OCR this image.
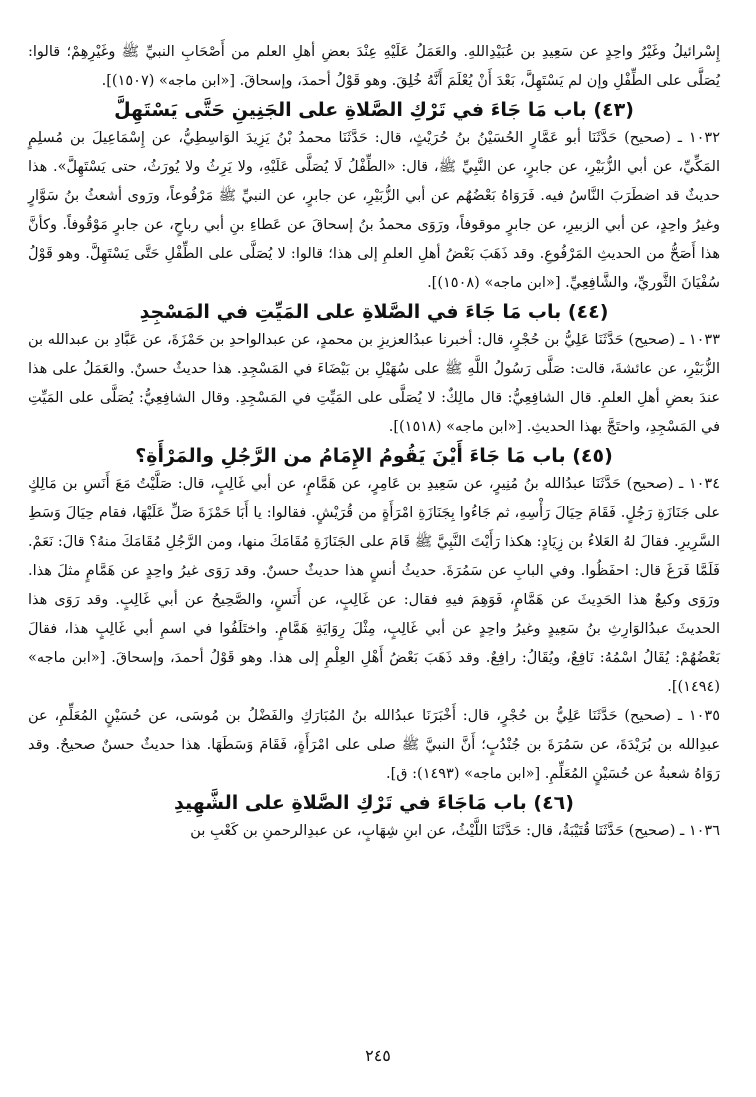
إِسْرائيلُ وغَيْرُ واحِدٍ عن سَعِيدِ بن عُبَيْدِاللهِ. والعَمَلُ عَلَيْهِ عِنْدَ بعضِ أهلِ العلم من أَصْحَابِ النبيِّ ﷺ وغَيْرِهِمْ؛ قالوا: يُصَلَّى على الطِّفْلِ وإن لم يَسْتَهِلَّ، بَعْدَ أَنْ يُعْلَمَ أَنَّهُ خُلِقَ. وهو قَوْلُ أحمدَ، وإسحاقَ. [«ابن ماجه» (١٥٠٧)].

(٤٣) باب مَا جَاءَ في تَرْكِ الصَّلاةِ على الجَنِينِ حَتَّى يَسْتَهِلَّ

١٠٣٢ ـ (صحيح) حَدَّثَنَا أبو عَمَّارٍ الحُسَيْنُ بنُ حُرَيْثٍ، قال: حَدَّثَنَا محمدُ بْنُ يَزِيدَ الوَاسِطِيُّ، عن إِسْمَاعِيلَ بن مُسلِمٍ المَكِّيِّ، عن أبي الزُّبَيْرِ، عن جابرٍ، عن النَّبِيِّ ﷺ، قال: «الطِّفْلُ لَا يُصَلَّى عَلَيْهِ، ولا يَرِثُ ولا يُورَثُ، حتى يَسْتَهِلَّ». هذا حديثٌ قد اضطَرَبَ النَّاسُ فيه. فَرَوَاهُ بَعْضُهُم عن أبي الزُّبَيْرِ، عن جابرٍ، عن النبيِّ ﷺ مَرْفُوعاً، ورَوى أشعثُ بنُ سَوَّارٍ وغيرُ واحِدٍ، عن أبي الزبيرِ، عن جابرٍ موقوفاً، ورَوَى محمدُ بنُ إسحاقَ عن عَطاءِ بنِ أبي رباحٍ، عن جابرٍ مَوْقُوفاً. وكأنَّ هذا أَصَحُّ من الحديثِ المَرْفُوعِ. وقد ذَهَبَ بَعْضُ أهلِ العلمِ إلى هذا؛ قالوا: لا يُصَلَّى على الطِّفْلِ حَتَّى يَسْتَهِلَّ. وهو قَوْلُ سُفْيَانَ الثَّوريِّ، والشَّافِعِيِّ. [«ابن ماجه» (١٥٠٨)].

(٤٤) باب مَا جَاءَ في الصَّلاةِ على المَيِّتِ في المَسْجِدِ

١٠٣٣ ـ (صحيح) حَدَّثَنَا عَلِيُّ بن حُجْرٍ، قال: أخبرنا عبدُالعزيزِ بن محمدٍ، عن عبدالواحدِ بن حَمْزَةَ، عن عَبَّادِ بن عبدالله بن الزُّبَيْرِ، عن عائشةَ، قالت: صَلَّى رَسُولُ اللَّهِ ﷺ على سُهَيْلِ بن بَيْضَاءَ في المَسْجِدِ. هذا حديثٌ حسنٌ. والعَمَلُ على هذا عندَ بعضِ أهلِ العلمِ. قال الشافِعِيُّ: قال مالِكٌ: لا يُصَلَّى على المَيِّتِ في المَسْجِدِ. وقال الشافِعِيُّ: يُصَلَّى على المَيِّتِ في المَسْجِدِ، واحتَجَّ بهذا الحديثِ. [«ابن ماجه» (١٥١٨)].

(٤٥) باب مَا جَاءَ أَيْنَ يَقُومُ الإِمَامُ من الرَّجُلِ والمَرْأَةِ؟

١٠٣٤ ـ (صحيح) حَدَّثَنَا عبدُالله بنُ مُنِيرٍ، عن سَعِيدِ بن عَامِرٍ، عن هَمَّامٍ، عن أبي غَالِبٍ، قال: صَلَّيْتُ مَعَ أَنَسِ بن مَالِكٍ على جَنَازَةِ رَجُلٍ. فَقَامَ حِيَالَ رَأْسِهِ، ثم جَاءُوا بِجَنَازَةِ امْرَأَةٍ من قُرَيْشٍ. فقالوا: يا أَبَا حَمْزَةَ صَلِّ عَلَيْهَا، فقام حِيَالَ وَسَطِ السَّرِيرِ. فقالَ لهُ العَلاءُ بن زِيَادٍ: هكذا رَأَيْتَ النَّبِيَّ ﷺ قَامَ على الجَنَازَةِ مُقَامَكَ منها، ومن الرَّجُلِ مُقَامَكَ منهُ؟ قالَ: نَعَمْ. فَلَمَّا فَرَغَ قال: احفَظُوا. وفي البابِ عن سَمُرَةَ. حديثُ أنسٍ هذا حديثٌ حسنٌ. وقد رَوَى غيرُ واحِدٍ عن هَمَّامٍ مثلَ هذا. ورَوَى وكيعٌ هذا الحَدِيثَ عن هَمَّامٍ، فَوَهِمَ فيهِ فقال: عن غَالِبٍ، عن أَنَسٍ، والصَّحِيحُ عن أبي غَالِبٍ. وقد رَوَى هذا الحديثَ عبدُالوَارِثِ بنُ سَعِيدٍ وغيرُ واحِدٍ عن أبي غَالِبٍ، مِثْلَ رِوَايَةِ هَمَّامٍ. واختَلَفُوا في اسمِ أبي غَالِبٍ هذا، فقالَ بَعْضُهُمْ: يُقَالُ اسْمُهُ: نَافِعٌ، ويُقَالُ: رافِعٌ. وقد ذَهَبَ بَعْضُ أَهْلِ العِلْمِ إلى هذا. وهو قَوْلُ أحمدَ، وإسحاقَ. [«ابن ماجه» (١٤٩٤)].

١٠٣٥ ـ (صحيح) حَدَّثَنَا عَلِيُّ بن حُجْرٍ، قال: أَخْبَرَنَا عبدُالله بنُ المُبَارَكِ والفَضْلُ بن مُوسَى، عن حُسَيْنٍ المُعَلِّمِ، عن عبدِالله بن بُرَيْدَةَ، عن سَمُرَةَ بن جُنْدُبٍ؛ أَنَّ النبيَّ ﷺ صلى على امْرَأَةٍ، فَقَامَ وَسَطَهَا. هذا حديثٌ حسنٌ صحيحٌ. وقد رَوَاهُ شعبةُ عن حُسَيْنٍ المُعَلِّمِ. [«ابن ماجه» (١٤٩٣): ق].

(٤٦) باب مَاجَاءَ في تَرْكِ الصَّلاةِ على الشَّهِيدِ

١٠٣٦ ـ (صحيح) حَدَّثَنَا قُتَيْبَةُ، قال: حَدَّثَنَا اللَّيْثُ، عن ابنِ شِهَابٍ، عن عبدِالرحمنِ بن كَعْبِ بن

٢٤٥
